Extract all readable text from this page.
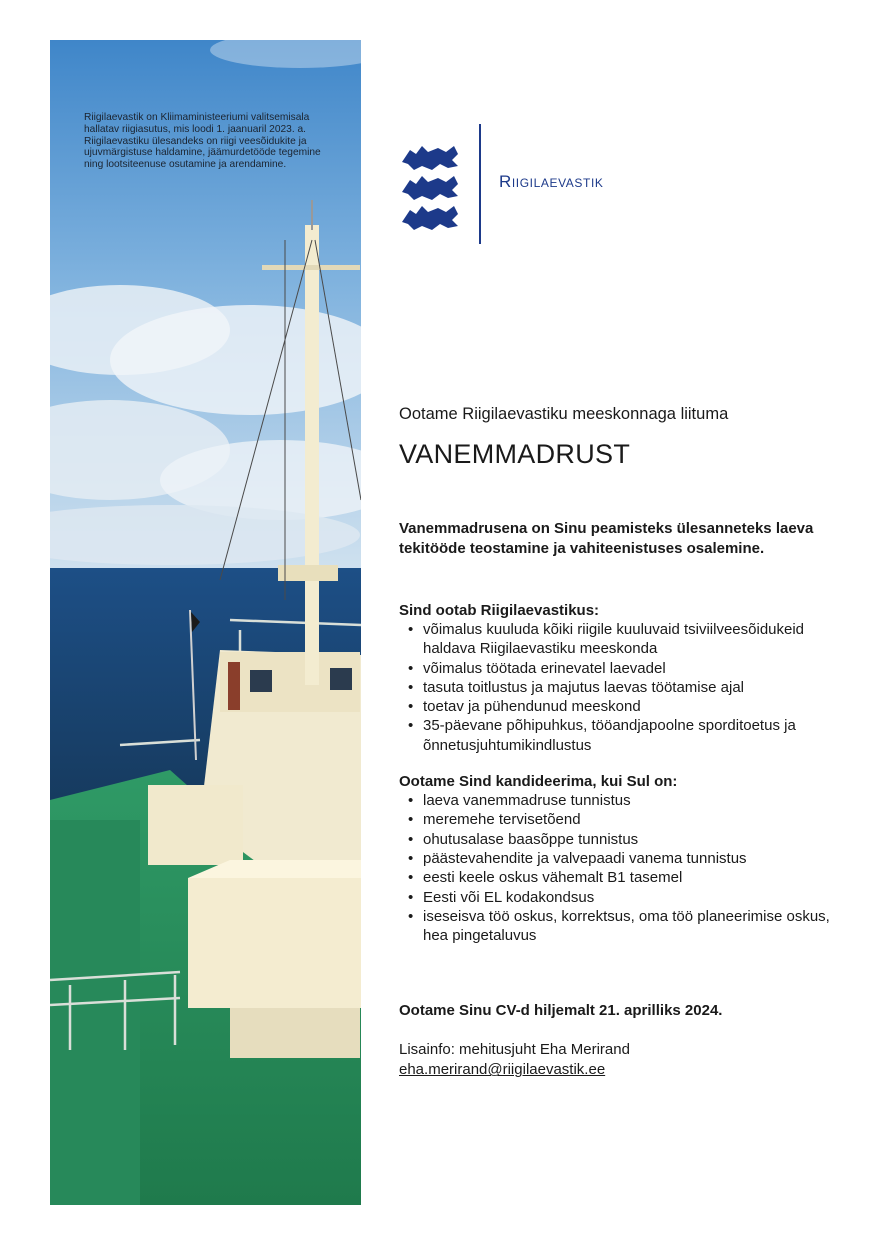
Riigilaevastik on Kliimaministeeriumi valitsemisala hallatav riigiasutus, mis loodi 1. jaanuaril 2023. a. Riigilaevastiku ülesandeks on riigi veesõidukite ja ujuvmärgistuse haldamine, jäämurdetööde tegemine ning lootsiteenuse osutamine ja arendamine.

Riigilaevastik

Ootame Riigilaevastiku meeskonnaga liituma

VANEMMADRUST

Vanemmadrusena on Sinu peamisteks ülesanneteks laeva tekitööde teostamine ja vahiteenistuses osalemine.

Sind ootab Riigilaevastikus:

• võimalus kuuluda kõiki riigile kuuluvaid tsiviilveesõidukeid haldava Riigilaevastiku meeskonda
• võimalus töötada erinevatel laevadel
• tasuta toitlustus ja majutus laevas töötamise ajal
• toetav ja pühendunud meeskond
• 35-päevane põhipuhkus, tööandjapoolne sporditoetus ja õnnetusjuhtumikindlustus

Ootame Sind kandideerima, kui Sul on:

• laeva vanemmadruse tunnistus
• meremehe tervisetõend
• ohutusalase baasõppe tunnistus
• päästevahendite ja valvepaadi vanema tunnistus
• eesti keele oskus vähemalt B1 tasemel
• Eesti või EL kodakondsus
• iseseisva töö oskus, korrektsus, oma töö planeerimise oskus, hea pingetaluvus

Ootame Sinu CV-d hiljemalt 21. aprilliks 2024.

Lisainfo: mehitusjuht Eha Merirand

eha.merirand@riigilaevastik.ee
